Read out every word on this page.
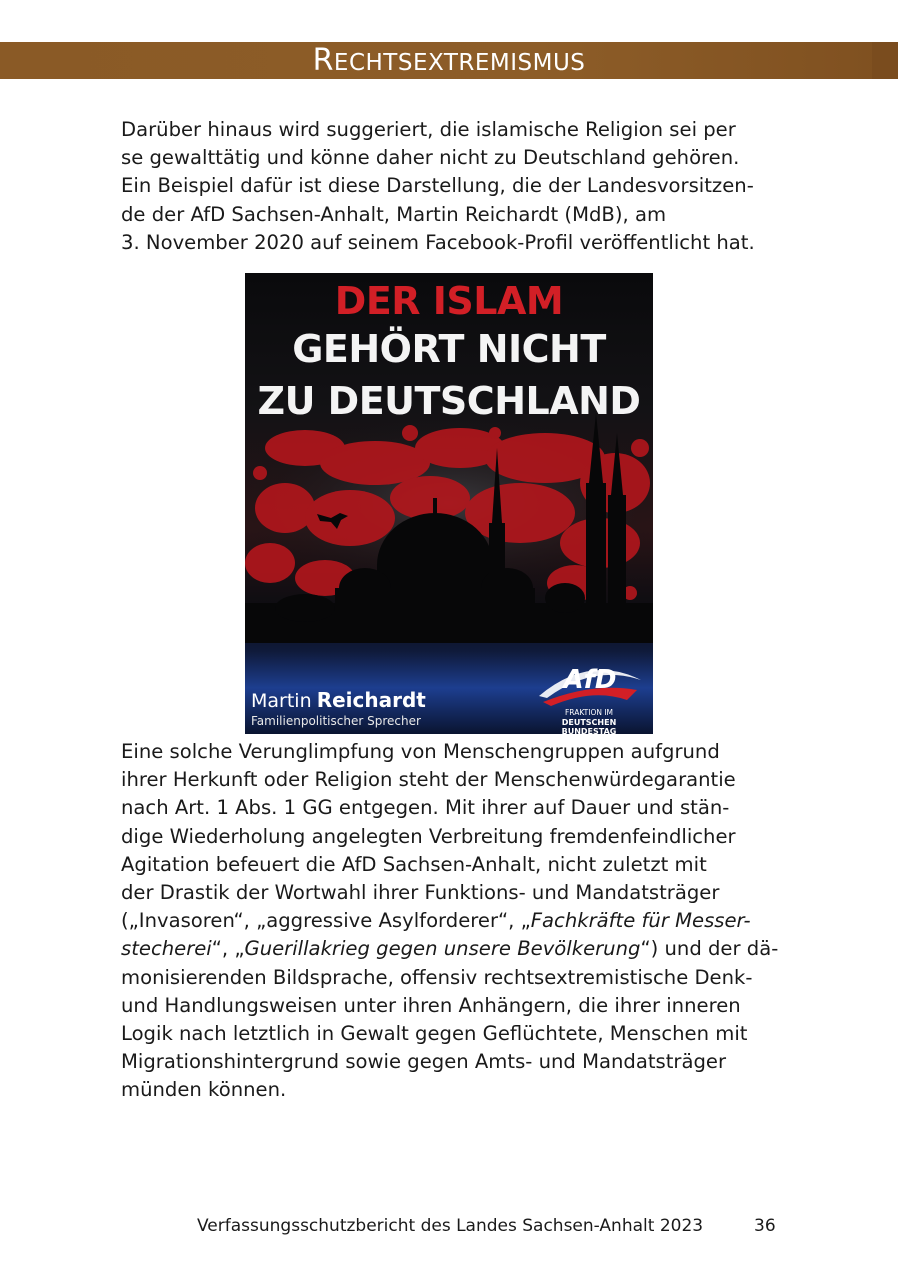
RECHTSEXTREMISMUS
Darüber hinaus wird suggeriert, die islamische Religion sei per
se gewalttätig und könne daher nicht zu Deutschland gehören.
Ein Beispiel dafür ist diese Darstellung, die der Landesvorsitzen-
de der AfD Sachsen-Anhalt, Martin Reichardt (MdB), am
3. November 2020 auf seinem Facebook-Profil veröffentlicht hat.
DER ISLAM
GEHÖRT NICHT
ZU DEUTSCHLAND
Martin Reichardt
Familienpolitischer Sprecher
AfD
FRAKTION IM
DEUTSCHEN BUNDESTAG
Eine solche Verunglimpfung von Menschengruppen aufgrund
ihrer Herkunft oder Religion steht der Menschenwürdegarantie
nach Art. 1 Abs. 1 GG entgegen. Mit ihrer auf Dauer und stän-
dige Wiederholung angelegten Verbreitung fremdenfeindlicher
Agitation befeuert die AfD Sachsen-Anhalt, nicht zuletzt mit
der Drastik der Wortwahl ihrer Funktions- und Mandatsträger
(„Invasoren“, „aggressive Asylforderer“, „Fachkräfte für Messer-
stecherei“, „Guerillakrieg gegen unsere Bevölkerung“) und der dä-
monisierenden Bildsprache, offensiv rechtsextremistische Denk-
und Handlungsweisen unter ihren Anhängern, die ihrer inneren
Logik nach letztlich in Gewalt gegen Geflüchtete, Menschen mit
Migrationshintergrund sowie gegen Amts- und Mandatsträger
münden können.
Verfassungsschutzbericht des Landes Sachsen-Anhalt 2023	36
